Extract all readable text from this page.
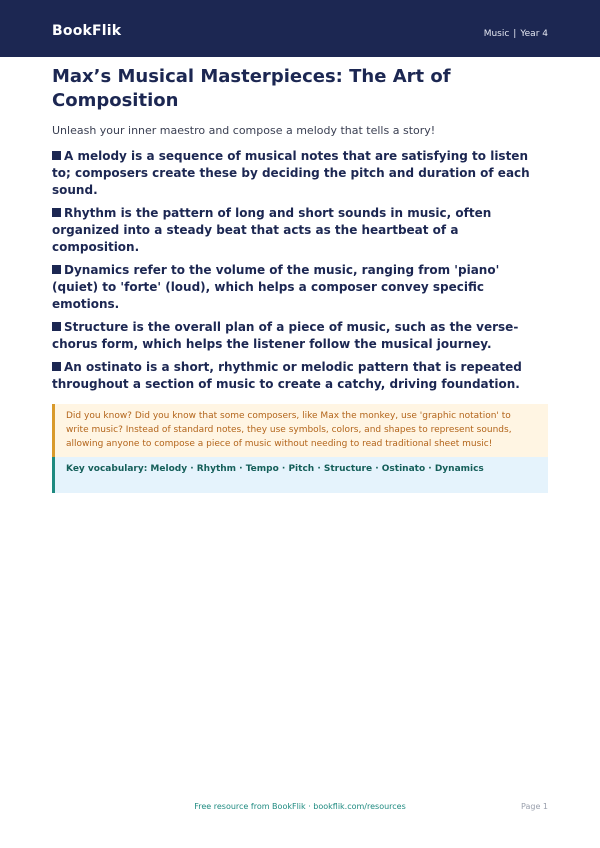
BookFlik	Music | Year 4
Max’s Musical Masterpieces: The Art of Composition

Unleash your inner maestro and compose a melody that tells a story!

A melody is a sequence of musical notes that are satisfying to listen to; composers create these by deciding the pitch and duration of each sound.
Rhythm is the pattern of long and short sounds in music, often organized into a steady beat that acts as the heartbeat of a composition.
Dynamics refer to the volume of the music, ranging from 'piano' (quiet) to 'forte' (loud), which helps a composer convey specific emotions.
Structure is the overall plan of a piece of music, such as the verse-chorus form, which helps the listener follow the musical journey.
An ostinato is a short, rhythmic or melodic pattern that is repeated throughout a section of music to create a catchy, driving foundation.
Did you know? Did you know that some composers, like Max the monkey, use 'graphic notation' to write music? Instead of standard notes, they use symbols, colors, and shapes to represent sounds, allowing anyone to compose a piece of music without needing to read traditional sheet music!
Key vocabulary: Melody · Rhythm · Tempo · Pitch · Structure · Ostinato · Dynamics
Free resource from BookFlik · bookflik.com/resources	Page 1
